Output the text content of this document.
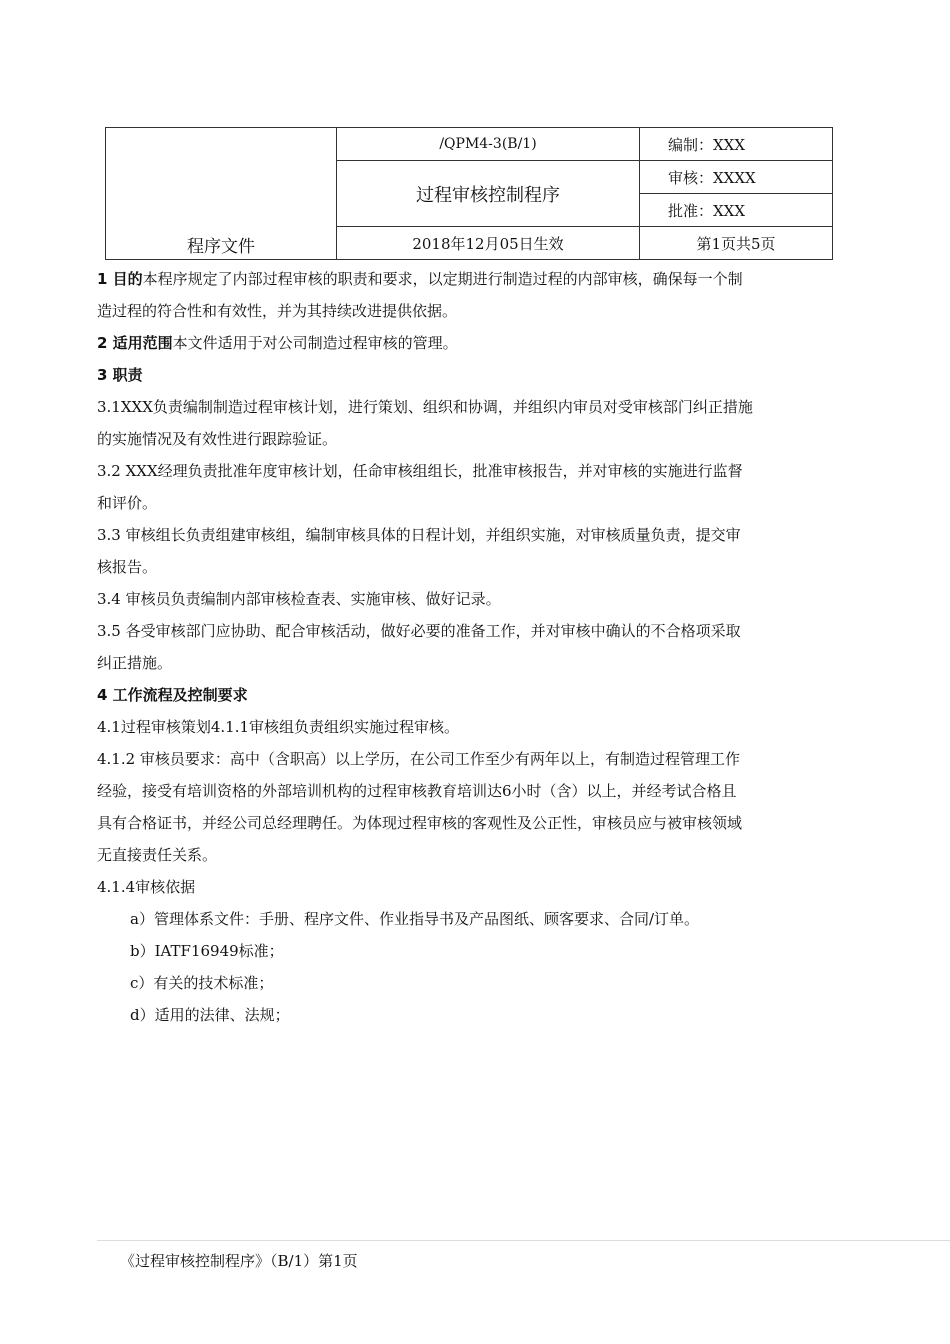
程序文件
/QPM4-3(B/1)
过程审核控制程序
编制：XXX
审核：XXXX
批准：XXX
2018年12月05日生效	第1页共5页

1 目的本程序规定了内部过程审核的职责和要求，以定期进行制造过程的内部审核，确保每一个制

造过程的符合性和有效性，并为其持续改进提供依据。

2 适用范围本文件适用于对公司制造过程审核的管理。

3 职责

3.1XXX负责编制制造过程审核计划，进行策划、组织和协调，并组织内审员对受审核部门纠正措施

的实施情况及有效性进行跟踪验证。

3.2 XXX经理负责批准年度审核计划，任命审核组组长，批准审核报告，并对审核的实施进行监督

和评价。

3.3 审核组长负责组建审核组，编制审核具体的日程计划，并组织实施，对审核质量负责，提交审

核报告。

3.4 审核员负责编制内部审核检查表、实施审核、做好记录。

3.5 各受审核部门应协助、配合审核活动，做好必要的准备工作，并对审核中确认的不合格项采取

纠正措施。

4 工作流程及控制要求

4.1过程审核策划4.1.1审核组负责组织实施过程审核。

4.1.2 审核员要求：高中（含职高）以上学历，在公司工作至少有两年以上，有制造过程管理工作

经验，接受有培训资格的外部培训机构的过程审核教育培训达6小时（含）以上，并经考试合格且

具有合格证书，并经公司总经理聘任。为体现过程审核的客观性及公正性，审核员应与被审核领域

无直接责任关系。

4.1.4审核依据

a）管理体系文件：手册、程序文件、作业指导书及产品图纸、顾客要求、合同/订单。

b）IATF16949标准；

c）有关的技术标准；

d）适用的法律、法规；

《过程审核控制程序》（B/1）第1页
